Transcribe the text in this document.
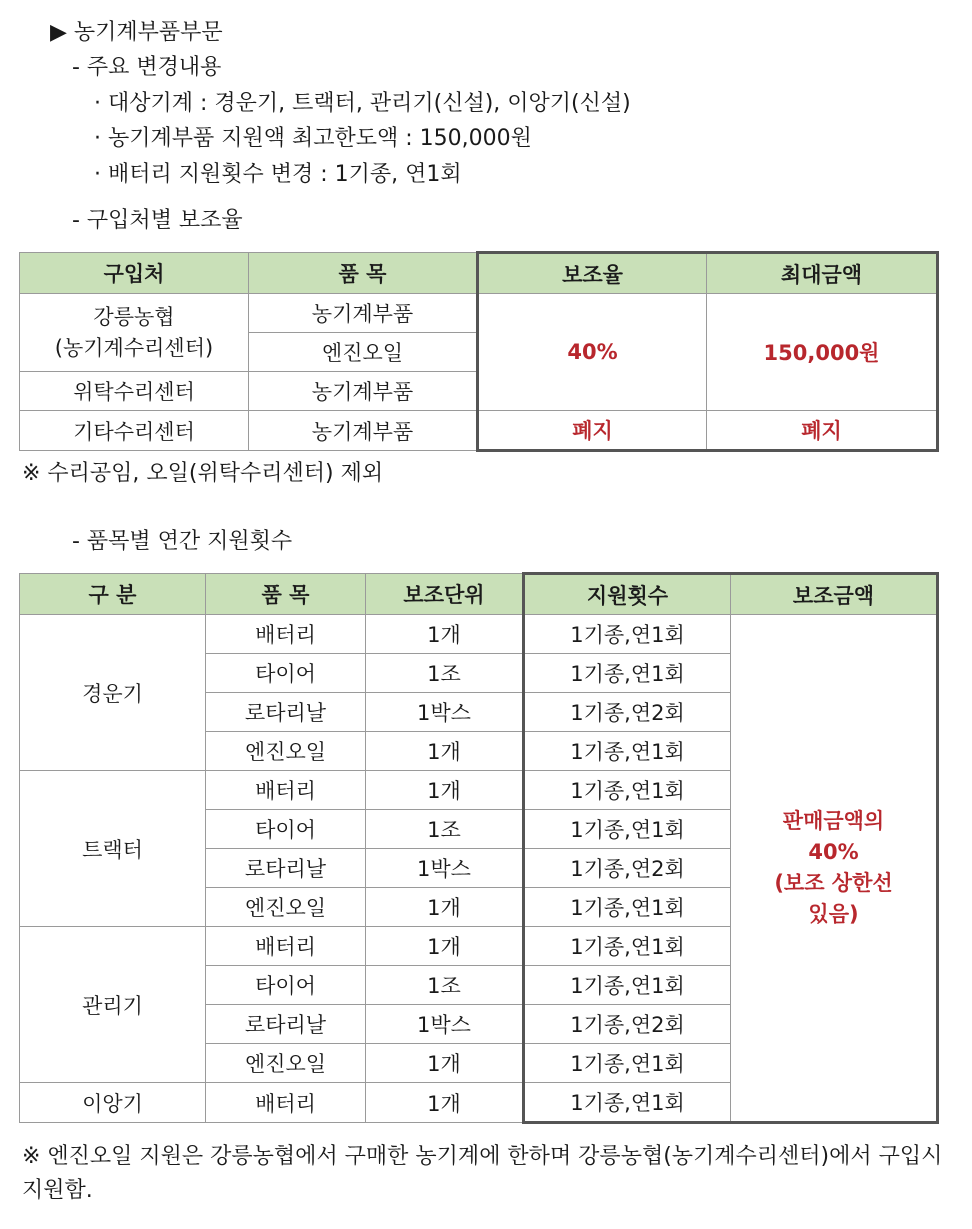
▶ 농기계부품부문
- 주요 변경내용
· 대상기계 : 경운기, 트랙터, 관리기(신설), 이앙기(신설)
· 농기계부품 지원액 최고한도액 : 150,000원
· 배터리 지원횟수 변경 : 1기종, 연1회
- 구입처별 보조율
구입처	품 목	보조율	최대금액

강릉농협
(농기계수리센터)	농기계부품	40%	150,000원
	엔진오일		
위탁수리센터	농기계부품		
기타수리센터	농기계부품	폐지	폐지
※ 수리공임, 오일(위탁수리센터) 제외
- 품목별 연간 지원횟수
구 분	품 목	보조단위	지원횟수	보조금액
경운기	배터리	1개	1기종,연1회	판매금액의
40%
(보조 상한선
있음)

	타이어	1조	1기종,연1회	
	로타리날	1박스	1기종,연2회	
	엔진오일	1개	1기종,연1회	
트랙터	배터리	1개	1기종,연1회	
	타이어	1조	1기종,연1회	
	로타리날	1박스	1기종,연2회	
	엔진오일	1개	1기종,연1회	
관리기	배터리	1개	1기종,연1회	
	타이어	1조	1기종,연1회	
	로타리날	1박스	1기종,연2회	
	엔진오일	1개	1기종,연1회	
이앙기	배터리	1개	1기종,연1회	
※ 엔진오일 지원은 강릉농협에서 구매한 농기계에 한하며 강릉농협(농기계수리센터)에서 구입시 지원함.
